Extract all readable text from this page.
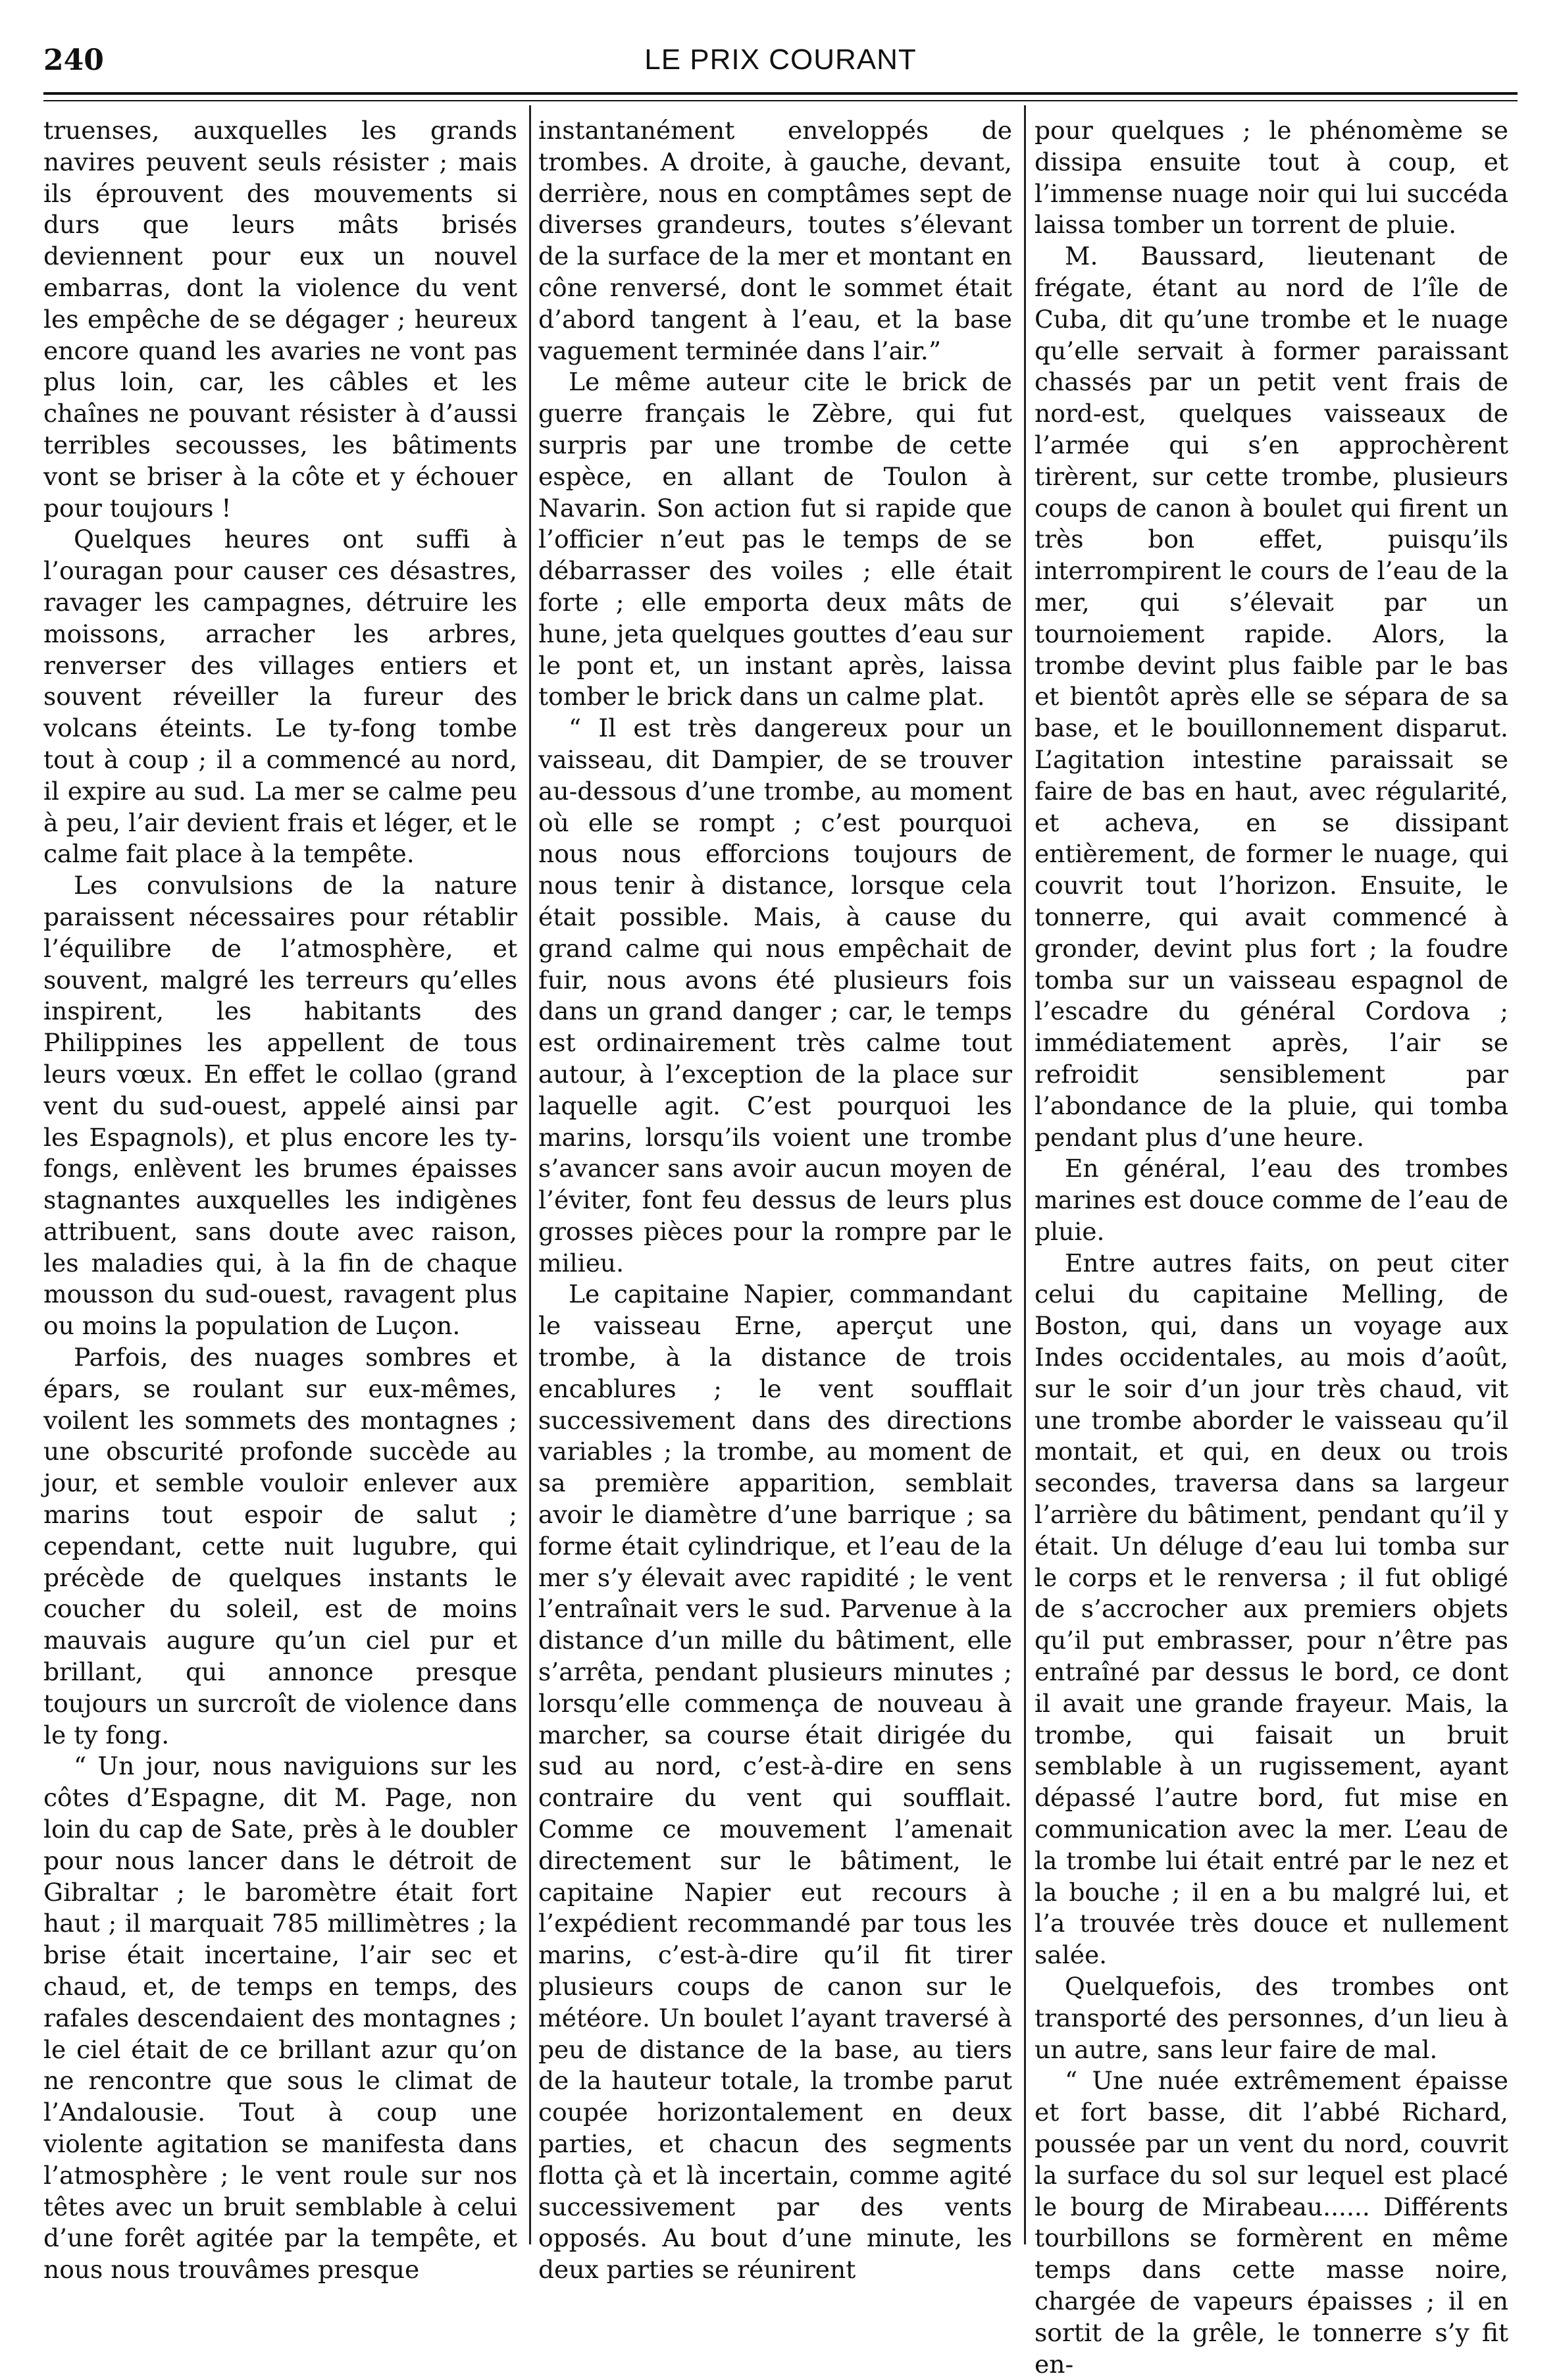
240	LE PRIX COURANT

truenses, auxquelles les grands navires peuvent seuls résister ; mais ils éprouvent des mouvements si durs que leurs mâts brisés deviennent pour eux un nouvel embarras, dont la violence du vent les empêche de se dégager ; heureux encore quand les avaries ne vont pas plus loin, car, les câbles et les chaînes ne pouvant résister à d’aussi terribles secousses, les bâtiments vont se briser à la côte et y échouer pour toujours !

Quelques heures ont suffi à l’ouragan pour causer ces désastres, ravager les campagnes, détruire les moissons, arracher les arbres, renverser des villages entiers et souvent réveiller la fureur des volcans éteints. Le ty-fong tombe tout à coup ; il a commencé au nord, il expire au sud. La mer se calme peu à peu, l’air devient frais et léger, et le calme fait place à la tempête.

Les convulsions de la nature paraissent nécessaires pour rétablir l’équilibre de l’atmosphère, et souvent, malgré les terreurs qu’elles inspirent, les habitants des Philippines les appellent de tous leurs vœux. En effet le collao (grand vent du sud-ouest, appelé ainsi par les Espagnols), et plus encore les ty-fongs, enlèvent les brumes épaisses stagnantes auxquelles les indigènes attribuent, sans doute avec raison, les maladies qui, à la fin de chaque mousson du sud-ouest, ravagent plus ou moins la population de Luçon.

Parfois, des nuages sombres et épars, se roulant sur eux-mêmes, voilent les sommets des montagnes ; une obscurité profonde succède au jour, et semble vouloir enlever aux marins tout espoir de salut ; cependant, cette nuit lugubre, qui précède de quelques instants le coucher du soleil, est de moins mauvais augure qu’un ciel pur et brillant, qui annonce presque toujours un surcroît de violence dans le ty fong.

“ Un jour, nous naviguions sur les côtes d’Espagne, dit M. Page, non loin du cap de Sate, près à le doubler pour nous lancer dans le détroit de Gibraltar ; le baromètre était fort haut ; il marquait 785 millimètres ; la brise était incertaine, l’air sec et chaud, et, de temps en temps, des rafales descendaient des montagnes ; le ciel était de ce brillant azur qu’on ne rencontre que sous le climat de l’Andalousie. Tout à coup une violente agitation se manifesta dans l’atmosphère ; le vent roule sur nos têtes avec un bruit semblable à celui d’une forêt agitée par la tempête, et nous nous trouvâmes presque

instantanément enveloppés de trombes. A droite, à gauche, devant, derrière, nous en comptâmes sept de diverses grandeurs, toutes s’élevant de la surface de la mer et montant en cône renversé, dont le sommet était d’abord tangent à l’eau, et la base vaguement terminée dans l’air.”

Le même auteur cite le brick de guerre français le Zèbre, qui fut surpris par une trombe de cette espèce, en allant de Toulon à Navarin. Son action fut si rapide que l’officier n’eut pas le temps de se débarrasser des voiles ; elle était forte ; elle emporta deux mâts de hune, jeta quelques gouttes d’eau sur le pont et, un instant après, laissa tomber le brick dans un calme plat.

“ Il est très dangereux pour un vaisseau, dit Dampier, de se trouver au-dessous d’une trombe, au moment où elle se rompt ; c’est pourquoi nous nous efforcions toujours de nous tenir à distance, lorsque cela était possible. Mais, à cause du grand calme qui nous empêchait de fuir, nous avons été plusieurs fois dans un grand danger ; car, le temps est ordinairement très calme tout autour, à l’exception de la place sur laquelle agit. C’est pourquoi les marins, lorsqu’ils voient une trombe s’avancer sans avoir aucun moyen de l’éviter, font feu dessus de leurs plus grosses pièces pour la rompre par le milieu.

Le capitaine Napier, commandant le vaisseau Erne, aperçut une trombe, à la distance de trois encablures ; le vent soufflait successivement dans des directions variables ; la trombe, au moment de sa première apparition, semblait avoir le diamètre d’une barrique ; sa forme était cylindrique, et l’eau de la mer s’y élevait avec rapidité ; le vent l’entraînait vers le sud. Parvenue à la distance d’un mille du bâtiment, elle s’arrêta, pendant plusieurs minutes ; lorsqu’elle commença de nouveau à marcher, sa course était dirigée du sud au nord, c’est-à-dire en sens contraire du vent qui soufflait. Comme ce mouvement l’amenait directement sur le bâtiment, le capitaine Napier eut recours à l’expédient recommandé par tous les marins, c’est-à-dire qu’il fit tirer plusieurs coups de canon sur le météore. Un boulet l’ayant traversé à peu de distance de la base, au tiers de la hauteur totale, la trombe parut coupée horizontalement en deux parties, et chacun des segments flotta çà et là incertain, comme agité successivement par des vents opposés. Au bout d’une minute, les deux parties se réunirent

pour quelques ; le phénomème se dissipa ensuite tout à coup, et l’immense nuage noir qui lui succéda laissa tomber un torrent de pluie.

M. Baussard, lieutenant de frégate, étant au nord de l’île de Cuba, dit qu’une trombe et le nuage qu’elle servait à former paraissant chassés par un petit vent frais de nord-est, quelques vaisseaux de l’armée qui s’en approchèrent tirèrent, sur cette trombe, plusieurs coups de canon à boulet qui firent un très bon effet, puisqu’ils interrompirent le cours de l’eau de la mer, qui s’élevait par un tournoiement rapide. Alors, la trombe devint plus faible par le bas et bientôt après elle se sépara de sa base, et le bouillonnement disparut. L’agitation intestine paraissait se faire de bas en haut, avec régularité, et acheva, en se dissipant entièrement, de former le nuage, qui couvrit tout l’horizon. Ensuite, le tonnerre, qui avait commencé à gronder, devint plus fort ; la foudre tomba sur un vaisseau espagnol de l’escadre du général Cordova ; immédiatement après, l’air se refroidit sensiblement par l’abondance de la pluie, qui tomba pendant plus d’une heure.

En général, l’eau des trombes marines est douce comme de l’eau de pluie.

Entre autres faits, on peut citer celui du capitaine Melling, de Boston, qui, dans un voyage aux Indes occidentales, au mois d’août, sur le soir d’un jour très chaud, vit une trombe aborder le vaisseau qu’il montait, et qui, en deux ou trois secondes, traversa dans sa largeur l’arrière du bâtiment, pendant qu’il y était. Un déluge d’eau lui tomba sur le corps et le renversa ; il fut obligé de s’accrocher aux premiers objets qu’il put embrasser, pour n’être pas entraîné par dessus le bord, ce dont il avait une grande frayeur. Mais, la trombe, qui faisait un bruit semblable à un rugissement, ayant dépassé l’autre bord, fut mise en communication avec la mer. L’eau de la trombe lui était entré par le nez et la bouche ; il en a bu malgré lui, et l’a trouvée très douce et nullement salée.

Quelquefois, des trombes ont transporté des personnes, d’un lieu à un autre, sans leur faire de mal.

“ Une nuée extrêmement épaisse et fort basse, dit l’abbé Richard, poussée par un vent du nord, couvrit la surface du sol sur lequel est placé le bourg de Mirabeau...... Différents tourbillons se formèrent en même temps dans cette masse noire, chargée de vapeurs épaisses ; il en sortit de la grêle, le tonnerre s’y fit en-
